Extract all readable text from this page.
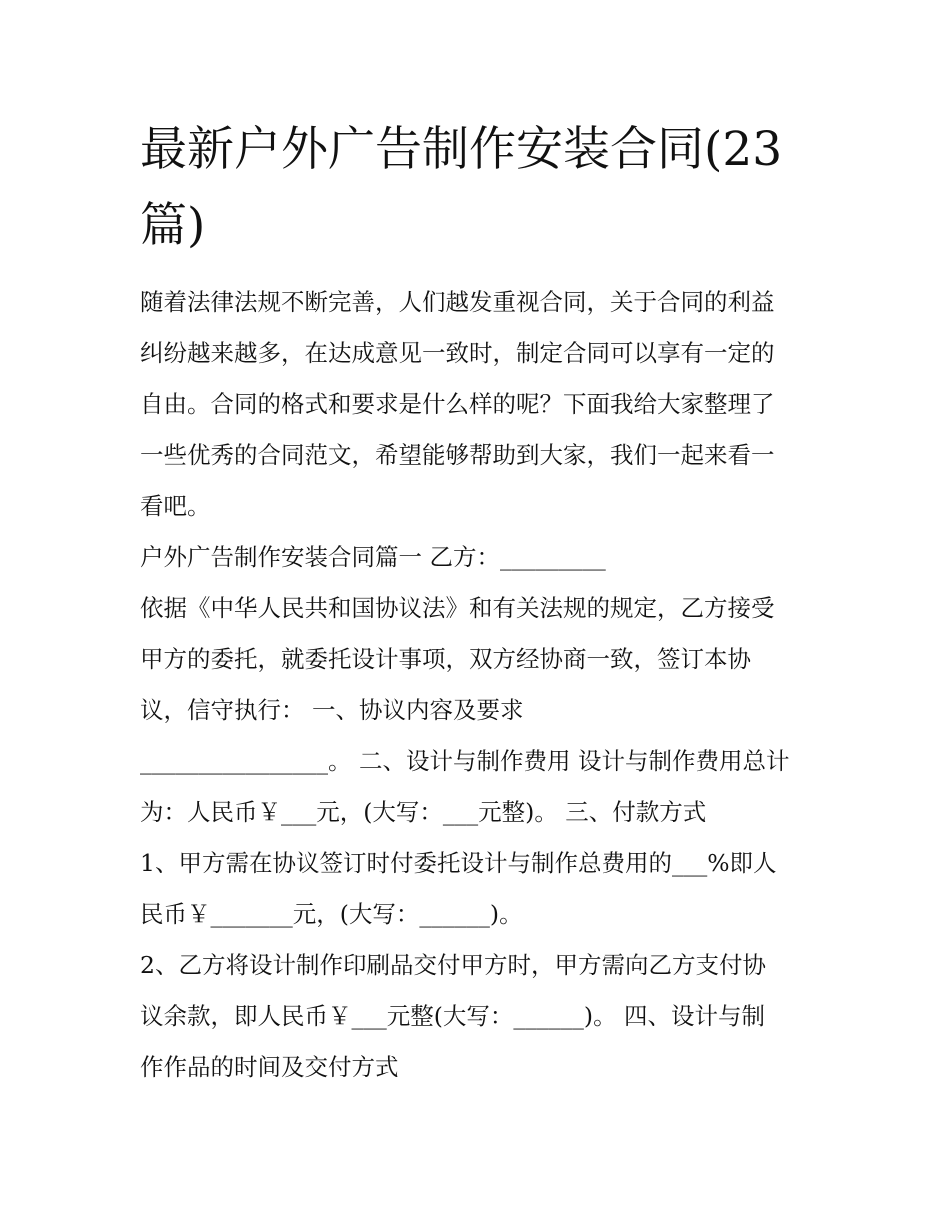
最新户外广告制作安装合同(23篇)
随着法律法规不断完善，人们越发重视合同，关于合同的利益
纠纷越来越多，在达成意见一致时，制定合同可以享有一定的
自由。合同的格式和要求是什么样的呢？下面我给大家整理了
一些优秀的合同范文，希望能够帮助到大家，我们一起来看一
看吧。
户外广告制作安装合同篇一 乙方：_________
依据《中华人民共和国协议法》和有关法规的规定，乙方接受
甲方的委托，就委托设计事项，双方经协商一致，签订本协
议，信守执行： 一、协议内容及要求
________________。 二、设计与制作费用 设计与制作费用总计
为：人民币￥___元，(大写：___元整)。 三、付款方式
1、甲方需在协议签订时付委托设计与制作总费用的___%即人
民币￥_______元，(大写：______)。
2、乙方将设计制作印刷品交付甲方时，甲方需向乙方支付协
议余款，即人民币￥___元整(大写：______)。 四、设计与制
作作品的时间及交付方式
